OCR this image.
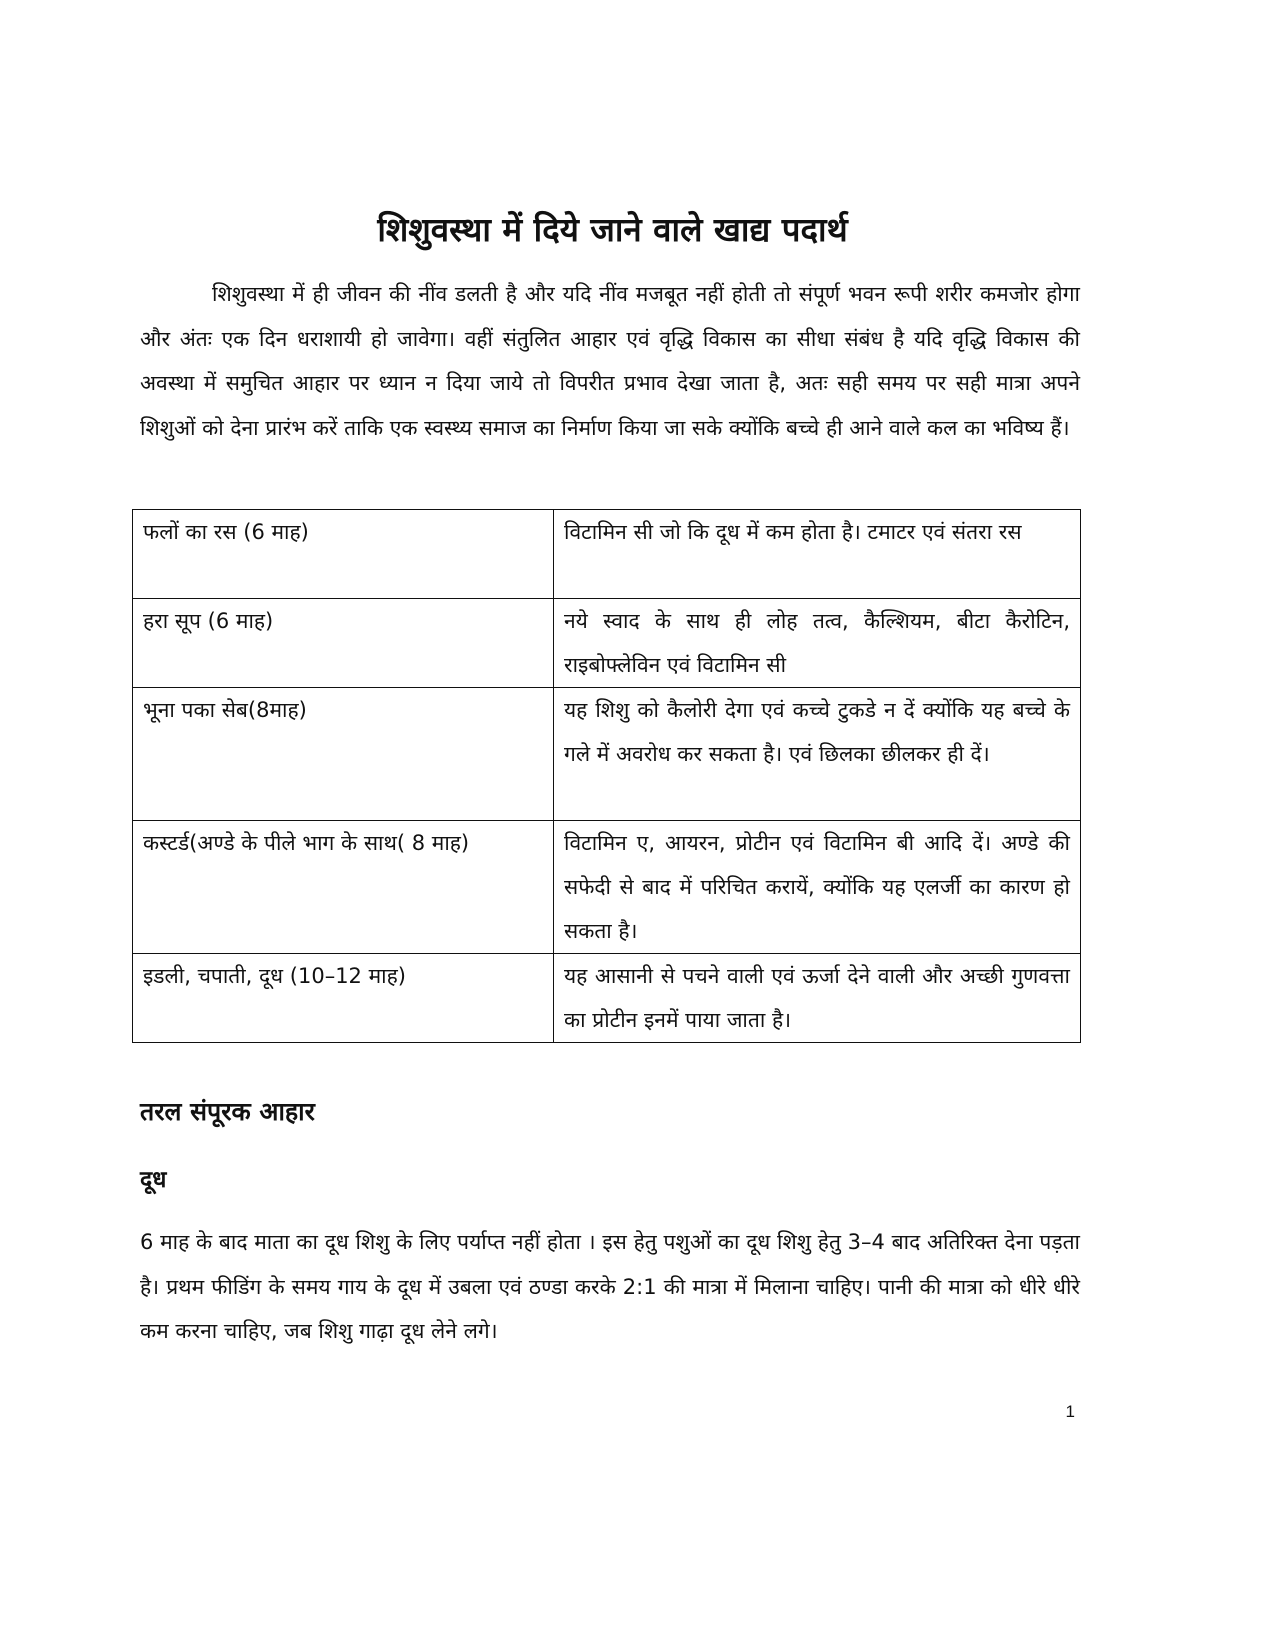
शिशुवस्था में दिये जाने वाले खाद्य पदार्थ

शिशुवस्था में ही जीवन की नींव डलती है और यदि नींव मजबूत नहीं होती तो संपूर्ण भवन रूपी शरीर कमजोर होगा और अंतः एक दिन धराशायी हो जावेगा। वहीं संतुलित आहार एवं वृद्धि विकास का सीधा संबंध है यदि वृद्धि विकास की अवस्था में समुचित आहार पर ध्यान न दिया जाये तो विपरीत प्रभाव देखा जाता है, अतः सही समय पर सही मात्रा अपने शिशुओं को देना प्रारंभ करें ताकि एक स्वस्थ्य समाज का निर्माण किया जा सके क्योंकि बच्चे ही आने वाले कल का भविष्य हैं।

फलों का रस (6 माह)	विटामिन सी जो कि दूध में कम होता है। टमाटर एवं संतरा रस
हरा सूप (6 माह)	नये स्वाद के साथ ही लोह तत्व, कैल्शियम, बीटा कैरोटिन, राइबोफ्लेविन एवं विटामिन सी
भूना पका सेब(8माह)	यह शिशु को कैलोरी देगा एवं कच्चे टुकडे न दें क्योंकि यह बच्चे के गले में अवरोध कर सकता है। एवं छिलका छीलकर ही दें।
कस्टर्ड(अण्डे के पीले भाग के साथ( 8 माह)	विटामिन ए, आयरन, प्रोटीन एवं विटामिन बी आदि दें। अण्डे की सफेदी से बाद में परिचित करायें, क्योंकि यह एलर्जी का कारण हो सकता है।
इडली, चपाती, दूध (10–12 माह)	यह आसानी से पचने वाली एवं ऊर्जा देने वाली और अच्छी गुणवत्ता का प्रोटीन इनमें पाया जाता है।
तरल संपूरक आहार
दूध

6 माह के बाद माता का दूध शिशु के लिए पर्याप्त नहीं होता । इस हेतु पशुओं का दूध शिशु हेतु 3–4 बाद अतिरिक्त देना पड़ता है। प्रथम फीडिंग के समय गाय के दूध में उबला एवं ठण्डा करके 2:1 की मात्रा में मिलाना चाहिए। पानी की मात्रा को धीरे धीरे कम करना चाहिए, जब शिशु गाढ़ा दूध लेने लगे।

1
